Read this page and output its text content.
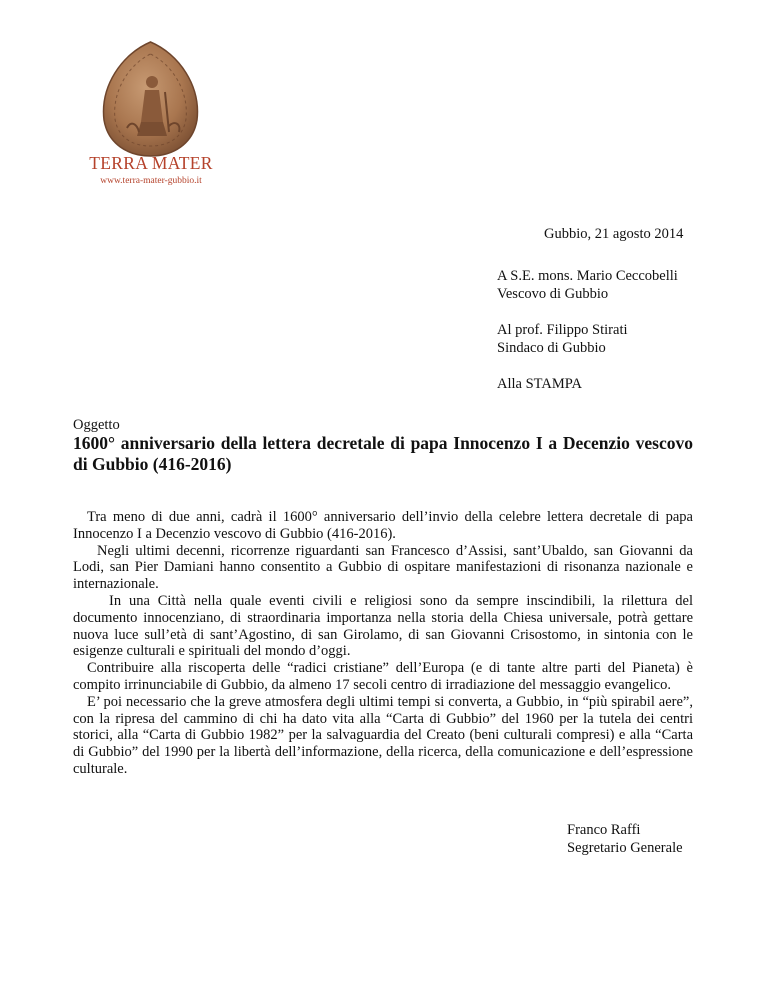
TERRA MATER
www.terra-mater-gubbio.it
Gubbio, 21 agosto 2014
A S.E. mons. Mario Ceccobelli
Vescovo di Gubbio
Al prof. Filippo Stirati
Sindaco di Gubbio
Alla STAMPA
Oggetto
1600° anniversario della lettera decretale di papa Innocenzo I a Decenzio vescovo di Gubbio (416-2016)

Tra meno di due anni, cadrà il 1600° anniversario dell’invio della celebre lettera decretale di papa Innocenzo I a Decenzio vescovo di Gubbio (416-2016).

Negli ultimi decenni, ricorrenze riguardanti san Francesco d’Assisi, sant’Ubaldo, san Giovanni da Lodi, san Pier Damiani hanno consentito a Gubbio di ospitare manifestazioni di risonanza nazionale e internazionale.

In una Città nella quale eventi civili e religiosi sono da sempre inscindibili, la rilettura del documento innocenziano, di straordinaria importanza nella storia della Chiesa universale, potrà gettare nuova luce sull’età di sant’Agostino, di san Girolamo, di san Giovanni Crisostomo, in sintonia con le esigenze culturali e spirituali del mondo d’oggi.

Contribuire alla riscoperta delle “radici cristiane” dell’Europa (e di tante altre parti del Pianeta) è compito irrinunciabile di Gubbio, da almeno 17 secoli centro di irradiazione del messaggio evangelico.

E’ poi necessario che la greve atmosfera degli ultimi tempi si converta, a Gubbio, in “più spirabil aere”, con la ripresa del cammino di chi ha dato vita alla “Carta di Gubbio” del 1960 per la tutela dei centri storici, alla “Carta di Gubbio 1982” per la salvaguardia del Creato (beni culturali compresi) e alla “Carta di Gubbio” del 1990 per la libertà dell’informazione, della ricerca, della comunicazione e dell’espressione culturale.

Franco Raffi
Segretario Generale
